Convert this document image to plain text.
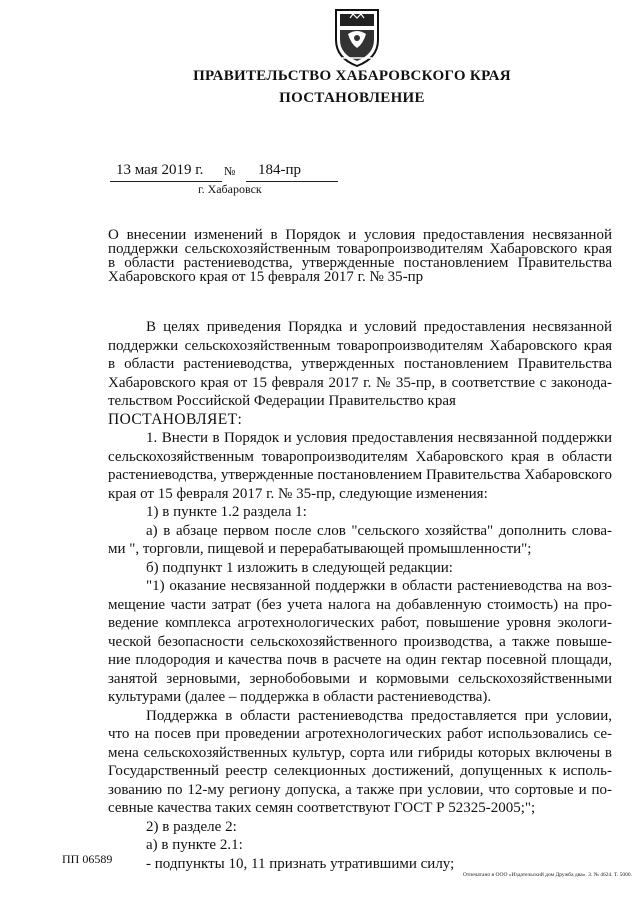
ПРАВИТЕЛЬСТВО ХАБАРОВСКОГО КРАЯ
ПОСТАНОВЛЕНИЕ
13 мая 2019 г. № 184-пр
г. Хабаровск
О внесении изменений в Порядок и условия предоставления несвязанной
поддержки сельскохозяйственным товаропроизводителям Хабаровского края
в области растениеводства, утвержденные постановлением Правительства
Хабаровского края от 15 февраля 2017 г. № 35-пр
В целях приведения Порядка и условий предоставления несвязанной
поддержки сельскохозяйственным товаропроизводителям Хабаровского края
в области растениеводства, утвержденных постановлением Правительства
Хабаровского края от 15 февраля 2017 г. № 35-пр, в соответствие с законода-
тельством Российской Федерации Правительство края
ПОСТАНОВЛЯЕТ:
1. Внести в Порядок и условия предоставления несвязанной поддержки
сельскохозяйственным товаропроизводителям Хабаровского края в области
растениеводства, утвержденные постановлением Правительства Хабаровского
края от 15 февраля 2017 г. № 35-пр, следующие изменения:
1) в пункте 1.2 раздела 1:
а) в абзаце первом после слов "сельского хозяйства" дополнить слова-
ми ", торговли, пищевой и перерабатывающей промышленности";
б) подпункт 1 изложить в следующей редакции:
"1) оказание несвязанной поддержки в области растениеводства на воз-
мещение части затрат (без учета налога на добавленную стоимость) на про-
ведение комплекса агротехнологических работ, повышение уровня экологи-
ческой безопасности сельскохозяйственного производства, а также повыше-
ние плодородия и качества почв в расчете на один гектар посевной площади,
занятой зерновыми, зернобобовыми и кормовыми сельскохозяйственными
культурами (далее – поддержка в области растениеводства).
Поддержка в области растениеводства предоставляется при условии,
что на посев при проведении агротехнологических работ использовались се-
мена сельскохозяйственных культур, сорта или гибриды которых включены в
Государственный реестр селекционных достижений, допущенных к исполь-
зованию по 12-му региону допуска, а также при условии, что сортовые и по-
севные качества таких семян соответствуют ГОСТ Р 52325-2005;";
2) в разделе 2:
а) в пункте 2.1:
- подпункты 10, 11 признать утратившими силу;
ПП 06589
Отпечатано в ООО «Издательский дом Дружба два». З. № 4624. Т. 5000.
